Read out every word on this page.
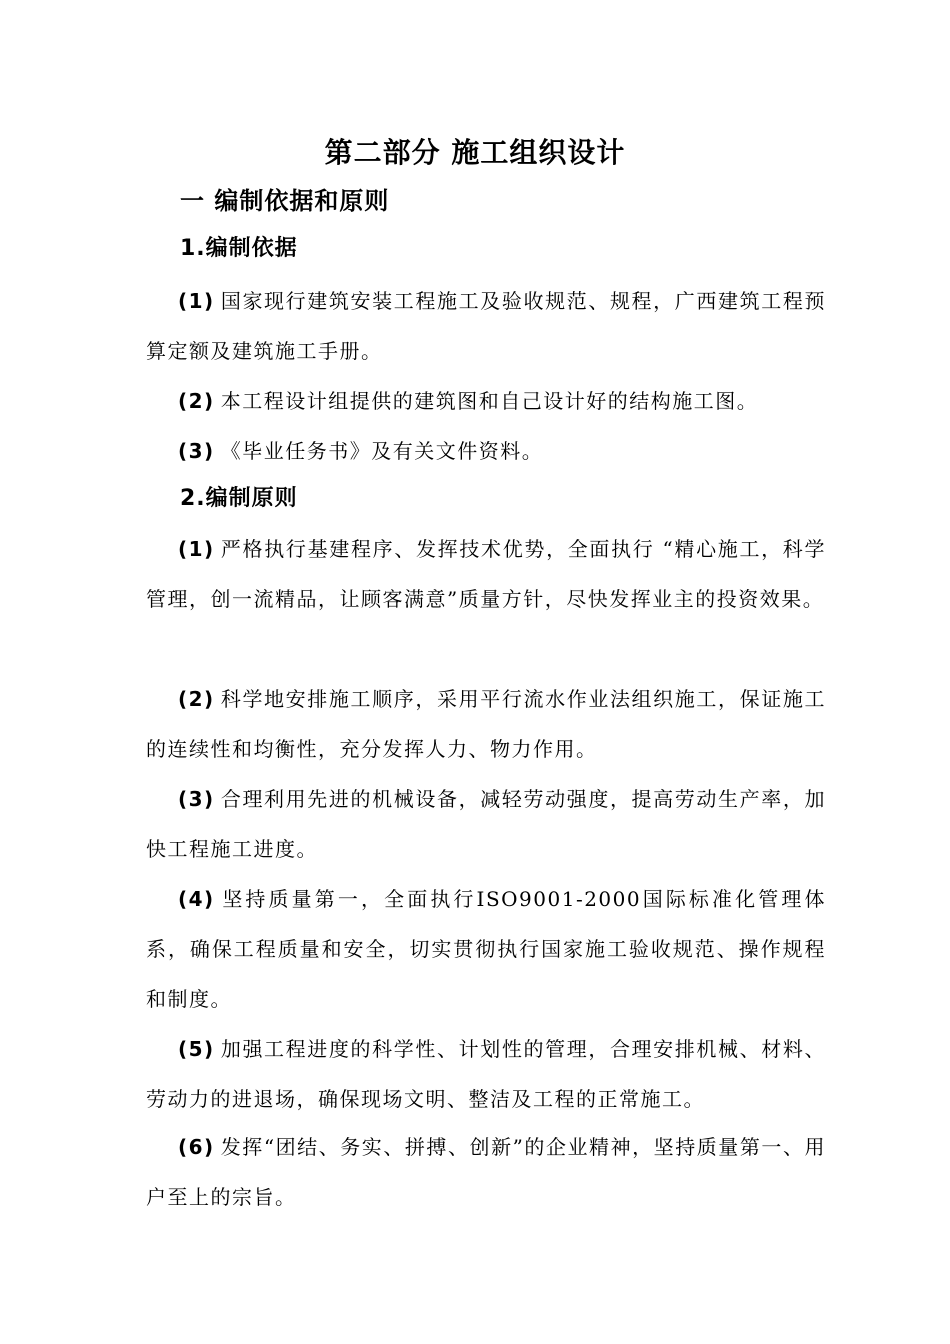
第二部分 施工组织设计
一 编制依据和原则
1.编制依据
(1) 国家现行建筑安装工程施工及验收规范、规程，广西建筑工程预算定额及建筑施工手册。
(2) 本工程设计组提供的建筑图和自己设计好的结构施工图。
(3) 《毕业任务书》及有关文件资料。
2.编制原则
(1) 严格执行基建程序、发挥技术优势，全面执行 “精心施工，科学管理，创一流精品，让顾客满意”质量方针，尽快发挥业主的投资效果。
(2) 科学地安排施工顺序，采用平行流水作业法组织施工，保证施工的连续性和均衡性，充分发挥人力、物力作用。
(3) 合理利用先进的机械设备，减轻劳动强度，提高劳动生产率，加快工程施工进度。
(4) 坚持质量第一，全面执行ISO9001-2000国际标准化管理体系，确保工程质量和安全，切实贯彻执行国家施工验收规范、操作规程和制度。
(5) 加强工程进度的科学性、计划性的管理，合理安排机械、材料、劳动力的进退场，确保现场文明、整洁及工程的正常施工。
(6) 发挥“团结、务实、拼搏、创新”的企业精神，坚持质量第一、用户至上的宗旨。
